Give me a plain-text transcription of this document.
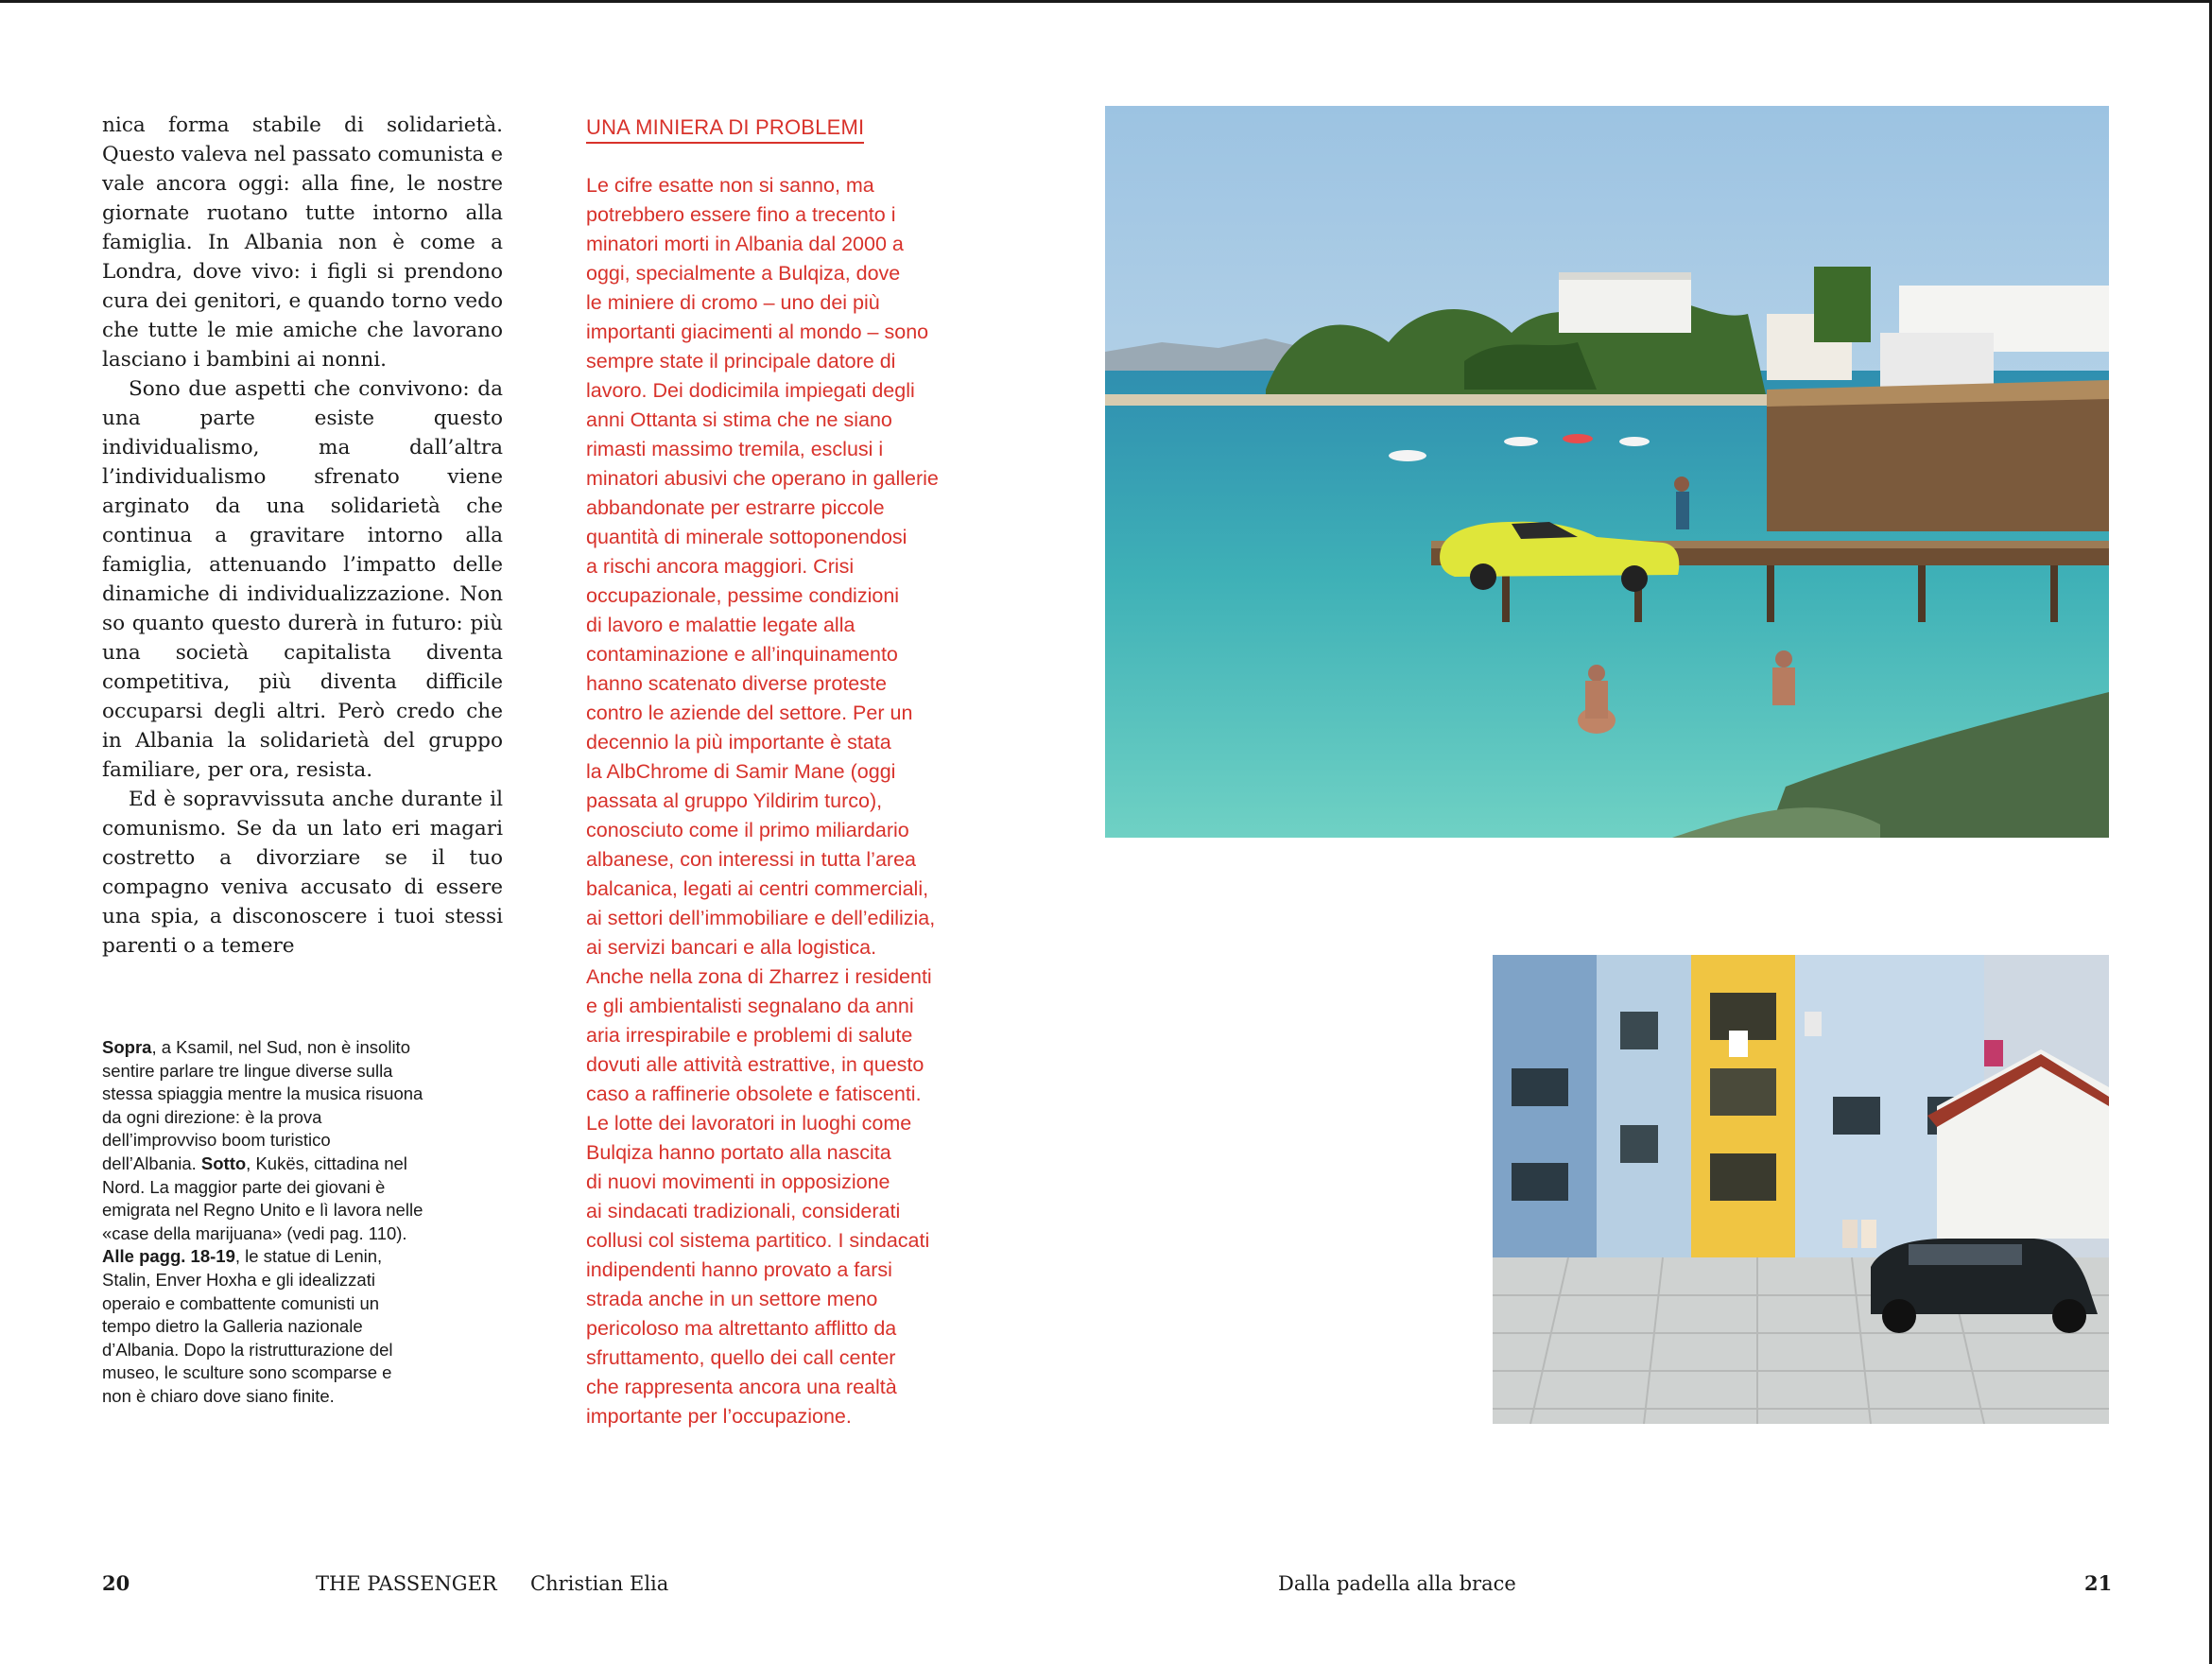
nica forma stabile di solidarietà. Questo valeva nel passato comunista e vale ancora oggi: alla fine, le nostre giornate ruotano tutte intorno alla famiglia. In Albania non è come a Londra, dove vivo: i figli si prendono cura dei genitori, e quando torno vedo che tutte le mie amiche che lavorano lasciano i bambini ai nonni.

Sono due aspetti che convivono: da una parte esiste questo individualismo, ma dall’altra l’individualismo sfrenato viene arginato da una solidarietà che continua a gravitare intorno alla famiglia, attenuando l’impatto delle dinamiche di individualizzazione. Non so quanto questo durerà in futuro: più una società capitalista diventa competitiva, più diventa difficile occuparsi degli altri. Però credo che in Albania la solidarietà del gruppo familiare, per ora, resista.

Ed è sopravvissuta anche durante il comunismo. Se da un lato eri magari costretto a divorziare se il tuo compagno veniva accusato di essere una spia, a disconoscere i tuoi stessi parenti o a temere

Sopra, a Ksamil, nel Sud, non è insolito sentire parlare tre lingue diverse sulla stessa spiaggia mentre la musica risuona da ogni direzione: è la prova dell’improvviso boom turistico dell’Albania. Sotto, Kukës, cittadina nel Nord. La maggior parte dei giovani è emigrata nel Regno Unito e lì lavora nelle «case della marijuana» (vedi pag. 110).

Alle pagg. 18-19, le statue di Lenin, Stalin, Enver Hoxha e gli idealizzati operaio e combattente comunisti un tempo dietro la Galleria nazionale d’Albania. Dopo la ristrutturazione del museo, le sculture sono scomparse e non è chiaro dove siano finite.

UNA MINIERA DI PROBLEMI
Le cifre esatte non si sanno, ma
potrebbero essere fino a trecento i
minatori morti in Albania dal 2000 a
oggi, specialmente a Bulqiza, dove
le miniere di cromo – uno dei più
importanti giacimenti al mondo – sono
sempre state il principale datore di
lavoro. Dei dodicimila impiegati degli
anni Ottanta si stima che ne siano
rimasti massimo tremila, esclusi i
minatori abusivi che operano in gallerie
abbandonate per estrarre piccole
quantità di minerale sottoponendosi
a rischi ancora maggiori. Crisi
occupazionale, pessime condizioni
di lavoro e malattie legate alla
contaminazione e all’inquinamento
hanno scatenato diverse proteste
contro le aziende del settore. Per un
decennio la più importante è stata
la AlbChrome di Samir Mane (oggi
passata al gruppo Yildirim turco),
conosciuto come il primo miliardario
albanese, con interessi in tutta l’area
balcanica, legati ai centri commerciali,
ai settori dell’immobiliare e dell’edilizia,
ai servizi bancari e alla logistica.
Anche nella zona di Zharrez i residenti
e gli ambientalisti segnalano da anni
aria irrespirabile e problemi di salute
dovuti alle attività estrattive, in questo
caso a raffinerie obsolete e fatiscenti.
Le lotte dei lavoratori in luoghi come
Bulqiza hanno portato alla nascita
di nuovi movimenti in opposizione
ai sindacati tradizionali, considerati
collusi col sistema partitico. I sindacati
indipendenti hanno provato a farsi
strada anche in un settore meno
pericoloso ma altrettanto afflitto da
sfruttamento, quello dei call center
che rappresenta ancora una realtà
importante per l’occupazione.
20	THE PASSENGER Christian Elia	Dalla padella alla brace	21
